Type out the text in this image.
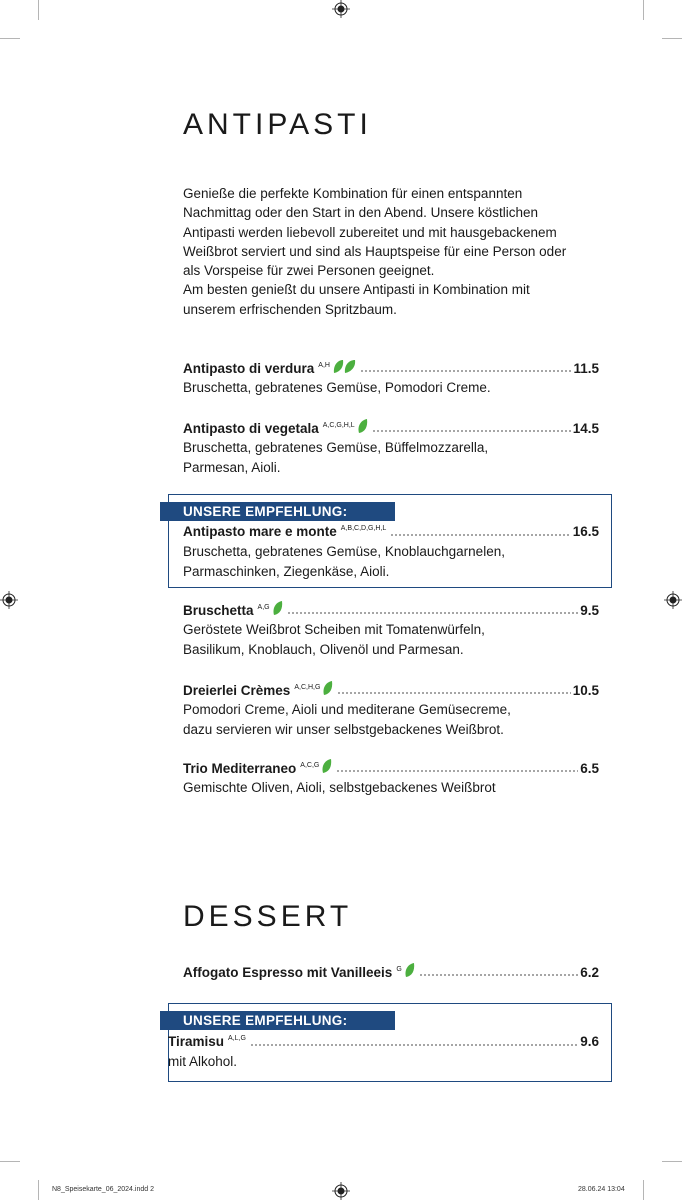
ANTIPASTI

Genieße die perfekte Kombination für einen entspannten

Nachmittag oder den Start in den Abend. Unsere köstlichen

Antipasti werden liebevoll zubereitet und mit hausgebackenem

Weißbrot serviert und sind als Hauptspeise für eine Person oder

als Vorspeise für zwei Personen geeignet.

Am besten genießt du unsere Antipasti in Kombination mit

unserem erfrischenden Spritzbaum.

Antipasto di verdura A,H	11.5
Bruschetta, gebratenes Gemüse, Pomodori Creme.
Antipasto di vegetala A,C,G,H,L	14.5
Bruschetta, gebratenes Gemüse, Büffelmozzarella,
Parmesan, Aioli.
UNSERE EMPFEHLUNG:
Antipasto mare e monte A,B,C,D,G,H,L	16.5
Bruschetta, gebratenes Gemüse, Knoblauchgarnelen,
Parmaschinken, Ziegenkäse, Aioli.
Bruschetta A,G	9.5
Geröstete Weißbrot Scheiben mit Tomatenwürfeln,
Basilikum, Knoblauch, Olivenöl und Parmesan.
Dreierlei Crèmes A,C,H,G	10.5
Pomodori Creme, Aioli und mediterane Gemüsecreme,
dazu servieren wir unser selbstgebackenes Weißbrot.
Trio Mediterraneo A,C,G	6.5
Gemischte Oliven, Aioli, selbstgebackenes Weißbrot
DESSERT
Affogato Espresso mit Vanilleeis G	6.2
UNSERE EMPFEHLUNG:
Tiramisu A,L,G	9.6
mit Alkohol.
N8_Speisekarte_06_2024.indd 2	28.06.24 13:04
